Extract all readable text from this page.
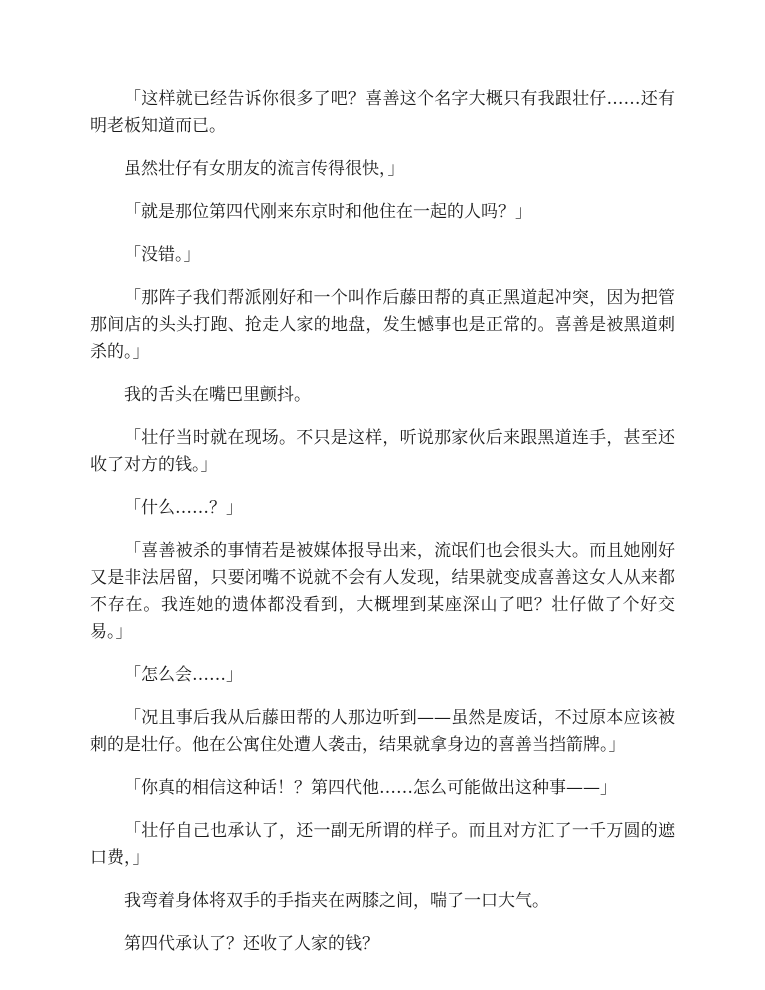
「这样就已经告诉你很多了吧？喜善这个名字大概只有我跟壮仔……还有明老板知道而已。

虽然壮仔有女朋友的流言传得很快，」

「就是那位第四代刚来东京时和他住在一起的人吗？」

「没错。」

「那阵子我们帮派刚好和一个叫作后藤田帮的真正黑道起冲突，因为把管那间店的头头打跑、抢走人家的地盘，发生憾事也是正常的。喜善是被黑道刺杀的。」

我的舌头在嘴巴里颤抖。

「壮仔当时就在现场。不只是这样，听说那家伙后来跟黑道连手，甚至还收了对方的钱。」

「什么……？」

「喜善被杀的事情若是被媒体报导出来，流氓们也会很头大。而且她刚好又是非法居留，只要闭嘴不说就不会有人发现，结果就变成喜善这女人从来都不存在。我连她的遗体都没看到，大概埋到某座深山了吧？壮仔做了个好交易。」

「怎么会……」

「况且事后我从后藤田帮的人那边听到——虽然是废话，不过原本应该被刺的是壮仔。他在公寓住处遭人袭击，结果就拿身边的喜善当挡箭牌。」

「你真的相信这种话！？第四代他……怎么可能做出这种事——」

「壮仔自己也承认了，还一副无所谓的样子。而且对方汇了一千万圆的遮口费，」

我弯着身体将双手的手指夹在两膝之间，喘了一口大气。

第四代承认了？还收了人家的钱？
